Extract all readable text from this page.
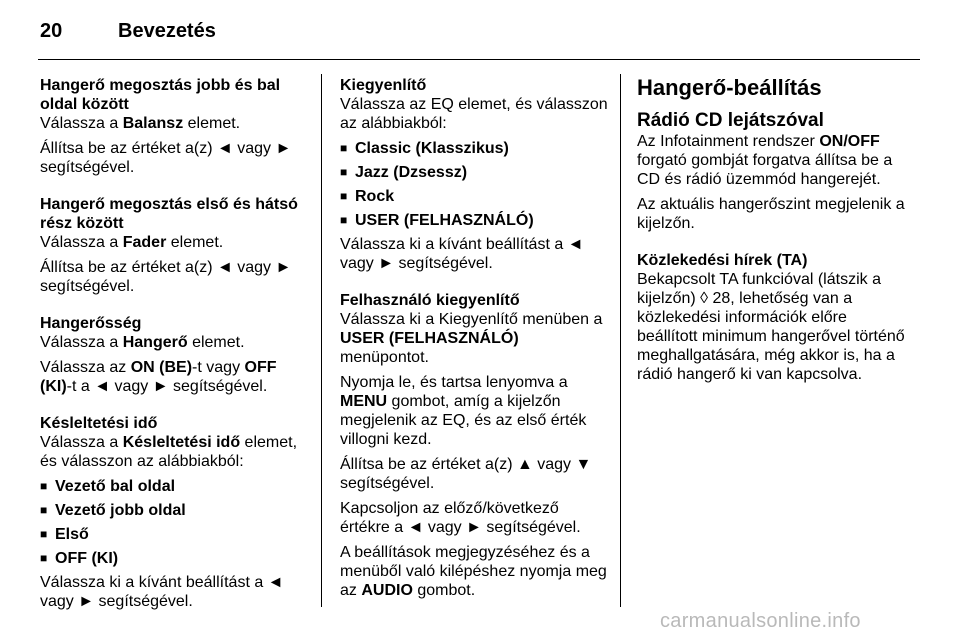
20	Bevezetés

Hangerő megosztás jobb és bal oldal között

Válassza a Balansz elemet.

Állítsa be az értéket a(z) ◄ vagy ► segítségével.

Hangerő megosztás első és hátsó rész között

Válassza a Fader elemet.

Állítsa be az értéket a(z) ◄ vagy ► segítségével.

Hangerősség

Válassza a Hangerő elemet.

Válassza az ON (BE)-t vagy OFF (KI)-t a ◄ vagy ► segítségével.

Késleltetési idő

Válassza a Késleltetési idő elemet, és válasszon az alábbiakból:

■ Vezető bal oldal
■ Vezető jobb oldal
■ Első
■ OFF (KI)

Válassza ki a kívánt beállítást a ◄ vagy ► segítségével.

Kiegyenlítő

Válassza az EQ elemet, és válasszon az alábbiakból:

■ Classic (Klasszikus)
■ Jazz (Dzsessz)
■ Rock
■ USER (FELHASZNÁLÓ)

Válassza ki a kívánt beállítást a ◄ vagy ► segítségével.

Felhasználó kiegyenlítő

Válassza ki a Kiegyenlítő menüben a USER (FELHASZNÁLÓ) menüpontot.

Nyomja le, és tartsa lenyomva a MENU gombot, amíg a kijelzőn megjelenik az EQ, és az első érték villogni kezd.

Állítsa be az értéket a(z) ▲ vagy ▼ segítségével.

Kapcsoljon az előző/következő értékre a ◄ vagy ► segítségével.

A beállítások megjegyzéséhez és a menüből való kilépéshez nyomja meg az AUDIO gombot.

Hangerő-beállítás

Rádió CD lejátszóval

Az Infotainment rendszer ON/OFF forgató gombját forgatva állítsa be a CD és rádió üzemmód hangerejét.

Az aktuális hangerőszint megjelenik a kijelzőn.

Közlekedési hírek (TA)

Bekapcsolt TA funkcióval (látszik a kijelzőn) ◊ 28, lehetőség van a közlekedési információk előre beállított minimum hangerővel történő meghallgatására, még akkor is, ha a rádió hangerő ki van kapcsolva.

carmanualsonline.info
